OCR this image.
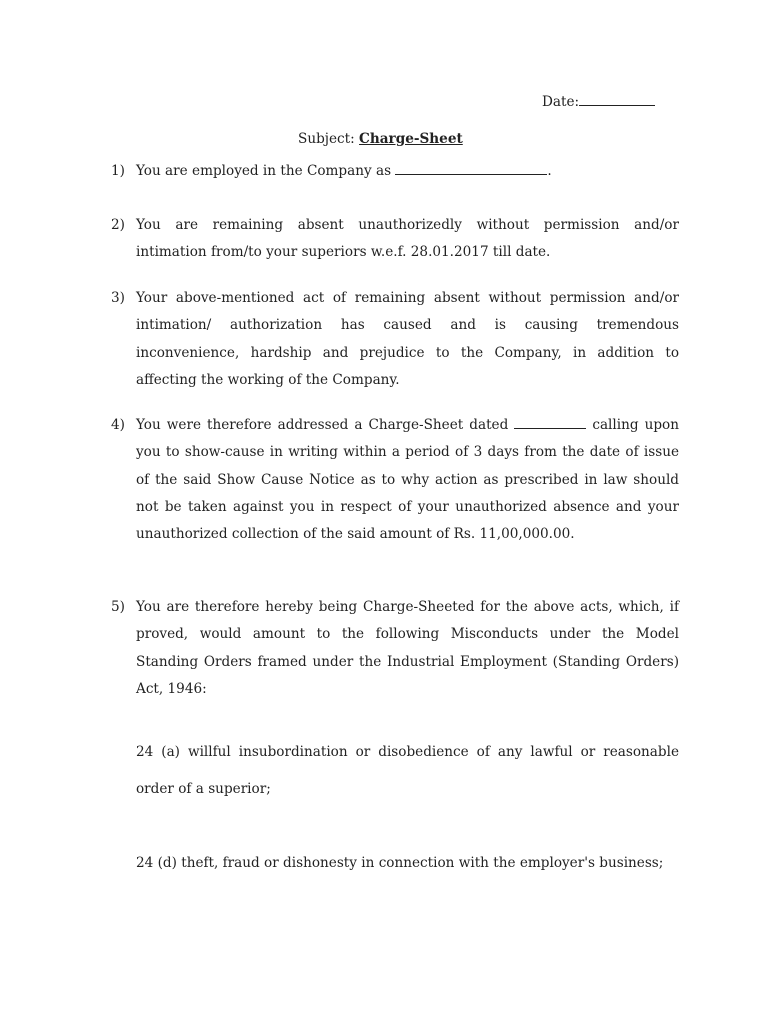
Date:
Subject: Charge-Sheet
1) You are employed in the Company as	.
2) You are remaining absent unauthorizedly without permission and/or intimation from/to your superiors w.e.f. 28.01.2017 till date.
3) Your above-mentioned act of remaining absent without permission and/or intimation/ authorization has caused and is causing tremendous inconvenience, hardship and prejudice to the Company, in addition to affecting the working of the Company.
4) You were therefore addressed a Charge-Sheet dated	calling upon you to show-cause in writing within a period of 3 days from the date of issue of the said Show Cause Notice as to why action as prescribed in law should not be taken against you in respect of your unauthorized absence and your unauthorized collection of the said amount of Rs. 11,00,000.00.
5) You are therefore hereby being Charge-Sheeted for the above acts, which, if proved, would amount to the following Misconducts under the Model Standing Orders framed under the Industrial Employment (Standing Orders) Act, 1946:
24 (a) willful insubordination or disobedience of any lawful or reasonable order of a superior;
24 (d) theft, fraud or dishonesty in connection with the employer's business;
